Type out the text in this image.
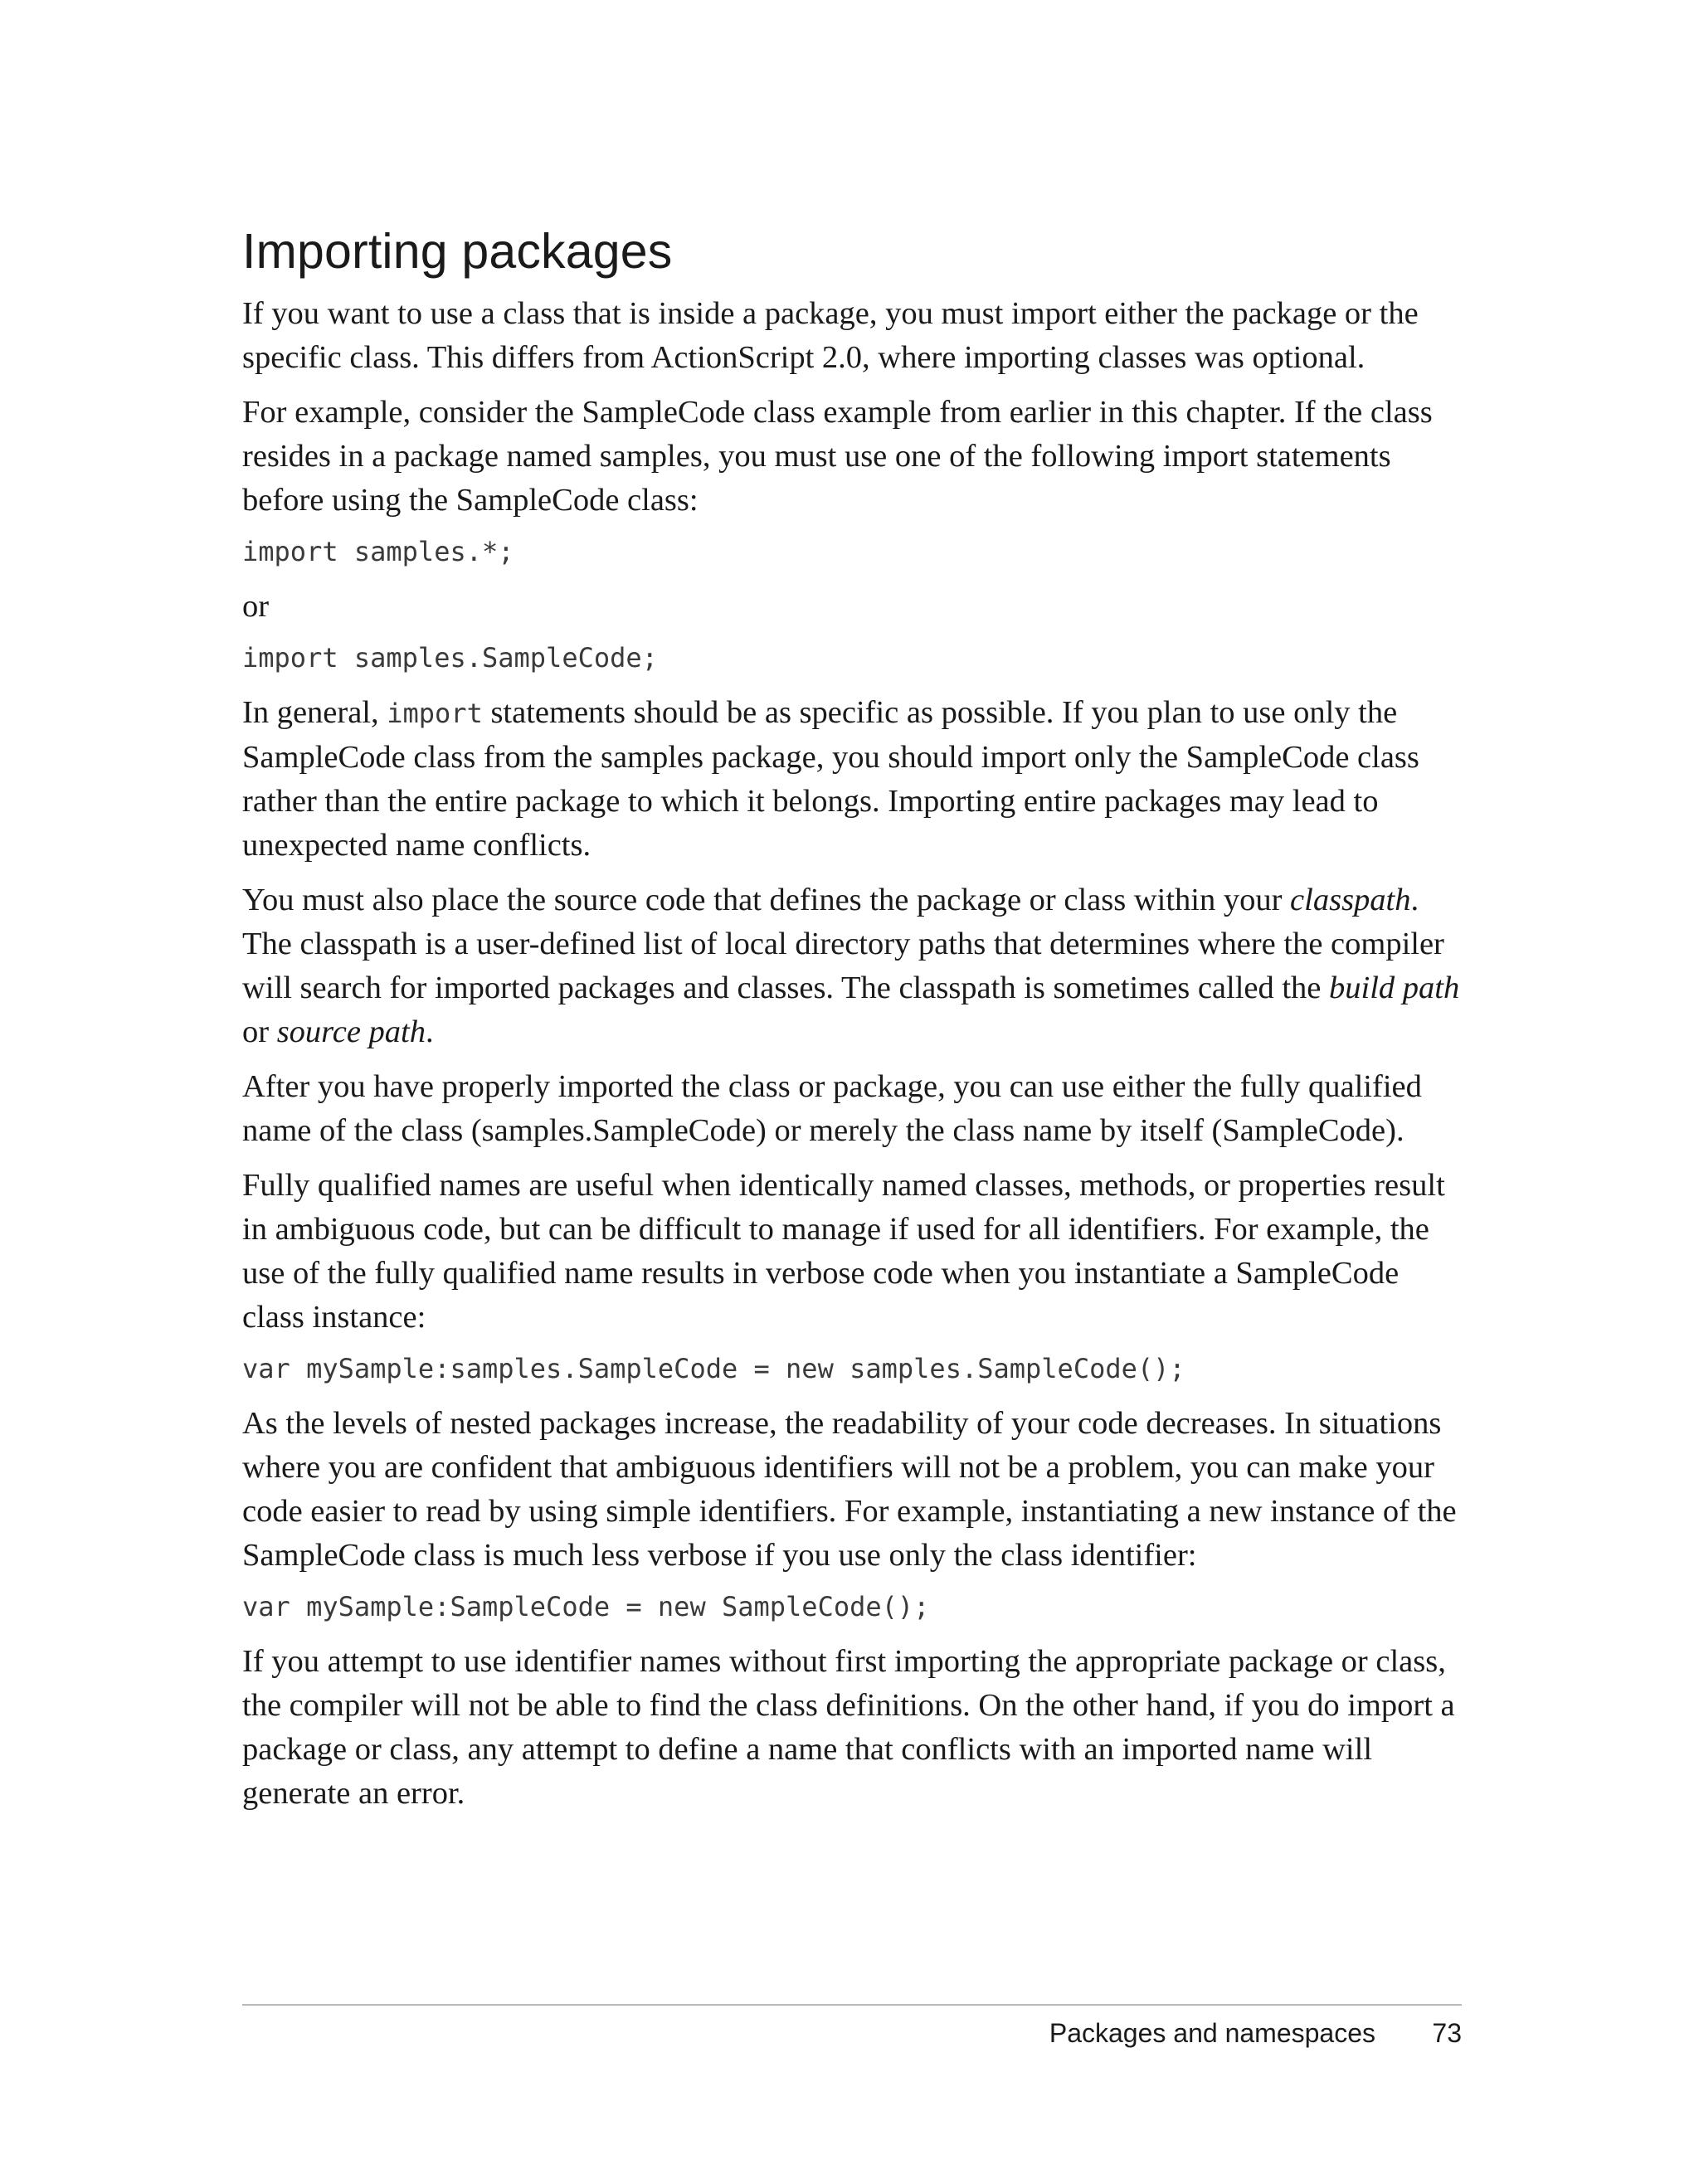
Importing packages

If you want to use a class that is inside a package, you must import either the package or the specific class. This differs from ActionScript 2.0, where importing classes was optional.

For example, consider the SampleCode class example from earlier in this chapter. If the class resides in a package named samples, you must use one of the following import statements before using the SampleCode class:

import samples.*;

or

import samples.SampleCode;

In general, import statements should be as specific as possible. If you plan to use only the SampleCode class from the samples package, you should import only the SampleCode class rather than the entire package to which it belongs. Importing entire packages may lead to unexpected name conflicts.

You must also place the source code that defines the package or class within your classpath. The classpath is a user-defined list of local directory paths that determines where the compiler will search for imported packages and classes. The classpath is sometimes called the build path or source path.

After you have properly imported the class or package, you can use either the fully qualified name of the class (samples.SampleCode) or merely the class name by itself (SampleCode).

Fully qualified names are useful when identically named classes, methods, or properties result in ambiguous code, but can be difficult to manage if used for all identifiers. For example, the use of the fully qualified name results in verbose code when you instantiate a SampleCode class instance:

var mySample:samples.SampleCode = new samples.SampleCode();

As the levels of nested packages increase, the readability of your code decreases. In situations where you are confident that ambiguous identifiers will not be a problem, you can make your code easier to read by using simple identifiers. For example, instantiating a new instance of the SampleCode class is much less verbose if you use only the class identifier:

var mySample:SampleCode = new SampleCode();

If you attempt to use identifier names without first importing the appropriate package or class, the compiler will not be able to find the class definitions. On the other hand, if you do import a package or class, any attempt to define a name that conflicts with an imported name will generate an error.

Packages and namespaces 73
